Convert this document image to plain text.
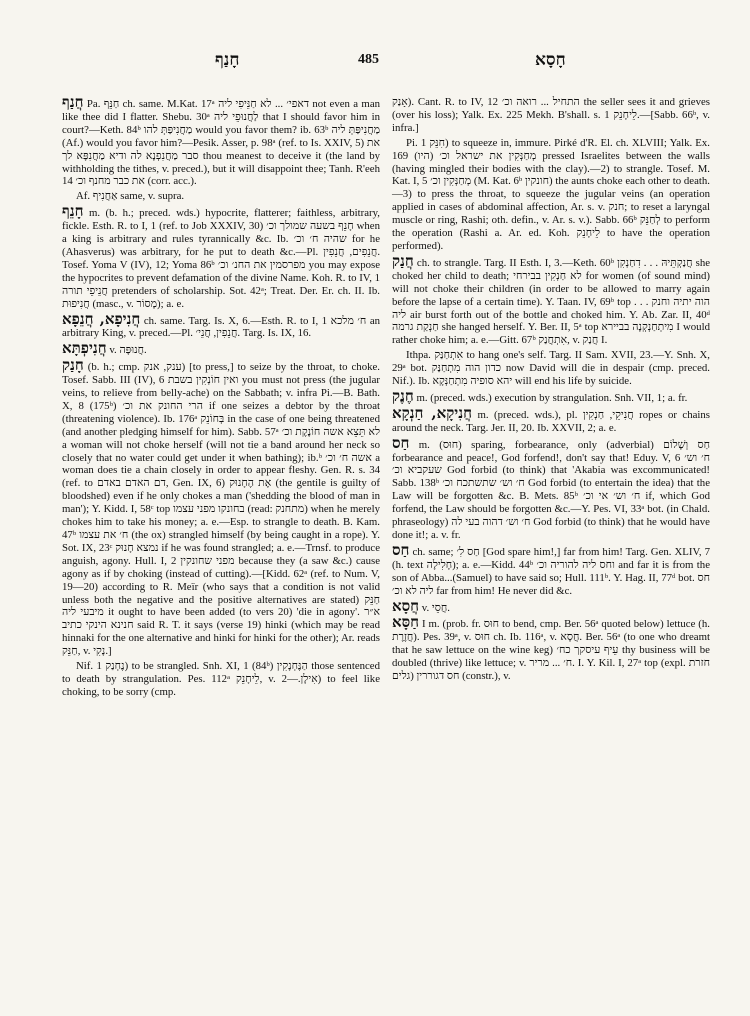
חָנַף	485	חָסָא
חֲנַף Pa. חַנֵּף ch. same. M.Kat. 17ᵃ דאפי׳ ... לא חַנֵּיפִי ליה not even a man like thee did I flatter. Shebu. 30ᵃ לַחֲנוּפֵי ליה that I should favor him in court?—Keth. 84ᵇ מַחֲנִיפַּתְּ להו would you favor them? ib. 63ᵇ מַחֲנִיפַּתְּ ליה (Af.) would you favor him?—Pesik. Asser, p. 98ᵃ (ref. to Is. XXIV, 5) את סבר מַחֲנִפְנָא לה ודיא מַחֲנִפָּא לך thou meanest to deceive it (the land by withholding the tithes, v. preced.), but it will disappoint thee; Tanh. R'eeh 14 את כבר מחנף וכ׳ (corr. acc.).
Af. אַחֲנִיף same, v. supra.
חָנֵף m. (b. h.; preced. wds.) hypocrite, flatterer; faithless, arbitrary, fickle. Esth. R. to I, 1 (ref. to Job XXXIV, 30) חָנֵף בשעה שמולך וכ׳ when a king is arbitrary and rules tyrannically &c. Ib. שהיה ח׳ וכ׳ for he (Ahasverus) was arbitrary, for he put to death &c.—Pl. חֲנֵפִים, חֲנֵפִין. Tosef. Yoma V (IV), 12; Yoma 86ᵇ מפרסמין את החנ׳ וכ׳ you may expose the hypocrites to prevent defamation of the divine Name. Koh. R. to IV, 1 חֲנֵיפֵי תורה pretenders of scholarship. Sot. 42ᵃ; Treat. Der. Er. ch. II. Ib. חֲנִיפוּת (masc., v. מָסוֹר); a. e.
חֲנִיפָא, חֲנֵפָא ch. same. Targ. Is. X, 6.—Esth. R. to I, 1 ח׳ מלכא an arbitrary King, v. preced.—Pl. חֲנֵפִין, חֲנֵי׳. Targ. Is. IX, 16.
חֲנִיפְתָּא v. חֲנוּפָּה.
חָנַק (b. h.; cmp. ענק, אנק) [to press,] to seize by the throat, to choke. Tosef. Sabb. III (IV), 6 ואין חוֹנְקִין בשבת you must not press (the jugular veins, to relieve from belly-ache) on the Sabbath; v. infra Pi.—B. Bath. X, 8 (175ᵇ) הרי החונק את וכ׳ if one seizes a debtor by the throat (threatening violence). Ib. 176ᵃ בְּחוֹנֵק in the case of one being threatened (and another pledging himself for him). Sabb. 57ᵃ לא תֵּצֵא אשה חוֹנֶקֶת וכ׳ a woman will not choke herself (will not tie a band around her neck so closely that no water could get under it when bathing); ib.ᵇ אשה ח׳ וכ׳ a woman does tie a chain closely in order to appear fleshy. Gen. R. s. 34 (ref. to דם האדם באדם, Gen. IX, 6) אֶת הֶחָנוּק (the gentile is guilty of bloodshed) even if he only chokes a man ('shedding the blood of man in man'); Y. Kidd. I, 58ᶜ top בחונקו מפני עצמו (read: מתחנק) when he merely chokes him to take his money; a. e.—Esp. to strangle to death. B. Kam. 47ᵇ ח׳ את עצמו (the ox) strangled himself (by being caught in a rope). Y. Sot. IX, 23ᶜ נמצא חָנוּק if he was found strangled; a. e.—Trnsf. to produce anguish, agony. Hull. I, 2 מפני שחונקין because they (a saw &c.) cause agony as if by choking (instead of cutting).—[Kidd. 62ᵃ (ref. to Num. V, 19—20) according to R. Meïr (who says that a condition is not valid unless both the negative and the positive alternatives are stated) חַנֵּק מיבעי ליה it ought to have been added (to vers 20) 'die in agony'. א״ר חנינא הינקי כתיב said R. T. it says (verse 19) hinki (which may be read hinnaki for the one alternative and hinki for hinki for the other); Ar. reads חַנֵּק, v. נָקִי.]
Nif. נֶחְנַק 1) to be strangled. Snh. XI, 1 (84ᵇ) הַנֶּחְנָקִין those sentenced to death by strangulation. Pes. 112ᵃ לֵיחָנֵק, v. אִילָן.—2) to feel like choking, to be sorry (cmp.
אָנַק). Cant. R. to IV, 12 התחיל ... רואה וכ׳ the seller sees it and grieves (over his loss); Yalk. Ex. 225 Mekh. B'shall. s. 1 לֵיחָנֵק.—[Sabb. 66ᵇ, v. infra.]
Pi. חִנֵּק 1) to squeeze in, immure. Pirké d'R. El. ch. XLVIII; Yalk. Ex. 169 (היו) מְחַנְּקִין את ישראל וכ׳ pressed Israelites between the walls (having mingled their bodies with the clay).—2) to strangle. Tosef. M. Kat. I, 5 מְחַנְּקִין וכ׳ (M. Kat. 6ᵇ חונקין) the aunts choke each other to death.—3) to press the throat, to squeeze the jugular veins (an operation applied in cases of abdominal affection, Ar. s. v. חנק; to reset a laryngal muscle or ring, Rashi; oth. defin., v. Ar. s. v.). Sabb. 66ᵇ לְחַנֵּק to perform the operation (Rashi a. Ar. ed. Koh. לֵיחָנֵק to have the operation performed).
חֲנַק ch. to strangle. Targ. II Esth. I, 3.—Keth. 60ᵇ חֲנַקְתֵּיהּ . . . דִחַנְקִן she choked her child to death; לא חַנְקִין בבירחי for women (of sound mind) will not choke their children (in order to be allowed to marry again before the lapse of a certain time). Y. Taan. IV, 69ᵇ top . . . הוה יתיה וחנק ליה air burst forth out of the bottle and choked him. Y. Ab. Zar. II, 40ᵈ חַנְקַת גרמה she hanged herself. Y. Ber. II, 5ᵃ top מִיתְחַנְקְנָה בביירא I would rather choke him; a. e.—Gitt. 67ᵇ אִתְחֲנַק, v. חֲנַק I.
Ithpa. אִתְחַנַּק to hang one's self. Targ. II Sam. XVII, 23.—Y. Snh. X, 29ᵃ bot. כדון הוה מִתְחַנַּק now David will die in despair (cmp. preced. Nif.). Ib. יהא סופיה מִתְחַנְּקָא will end his life by suicide.
חֶנֶק m. (preced. wds.) execution by strangulation. Snh. VII, 1; a. fr.
חֲנִיקָא, חַנְקָא m. (preced. wds.), pl. חֲנִיקֵי, חַנְקִין ropes or chains around the neck. Targ. Jer. II, 20. Ib. XXVII, 2; a. e.
חַס m. (חוּס) sparing, forbearance, only (adverbial) חַס וְשָׁלוֹם forbearance and peace!, God forfend!, don't say that! Eduy. V, 6 ח׳ וש׳ שעקביא וכ׳ God forbid (to think) that 'Akabia was excommunicated! Sabb. 138ᵇ ח׳ וש׳ שתשתכח וכ׳ God forbid (to entertain the idea) that the Law will be forgotten &c. B. Mets. 85ᵇ ח׳ וש׳ אי וכ׳ if, which God forfend, the Law should be forgotten &c.—Y. Pes. VI, 33ᵃ bot. (in Chald. phraseology) ח׳ וש׳ דהוה בעי לה God forbid (to think) that he would have done it!; a. v. fr.
חַס ch. same; חַס לִ׳ [God spare him!,] far from him! Targ. Gen. XLIV, 7 (h. text חָלִילָה); a. e.—Kidd. 44ᵇ וחס ליה להוריה וכ׳ and far it is from the son of Abba...(Samuel) to have said so; Hull. 111ᵇ. Y. Hag. II, 77ᵈ bot. חס ליה לא וכ׳ far from him! He never did &c.
חֲסָא v. חֲסֵי.
חַסָּא I m. (prob. fr. חוּס to bend, cmp. Ber. 56ᵃ quoted below) lettuce (h. חֲזֶרֶת). Pes. 39ᵃ, v. חוּס ch. Ib. 116ᵃ, v. חֲסָא. Ber. 56ᵃ (to one who dreamt that he saw lettuce on the wine keg) עֵיף עיסקך כח׳ thy business will be doubled (thrive) like lettuce; v. ח׳ ... מריר. I. Y. Kil. I, 27ᵃ top (expl. חזרת גלים) חס דגוררין (constr.), v.
